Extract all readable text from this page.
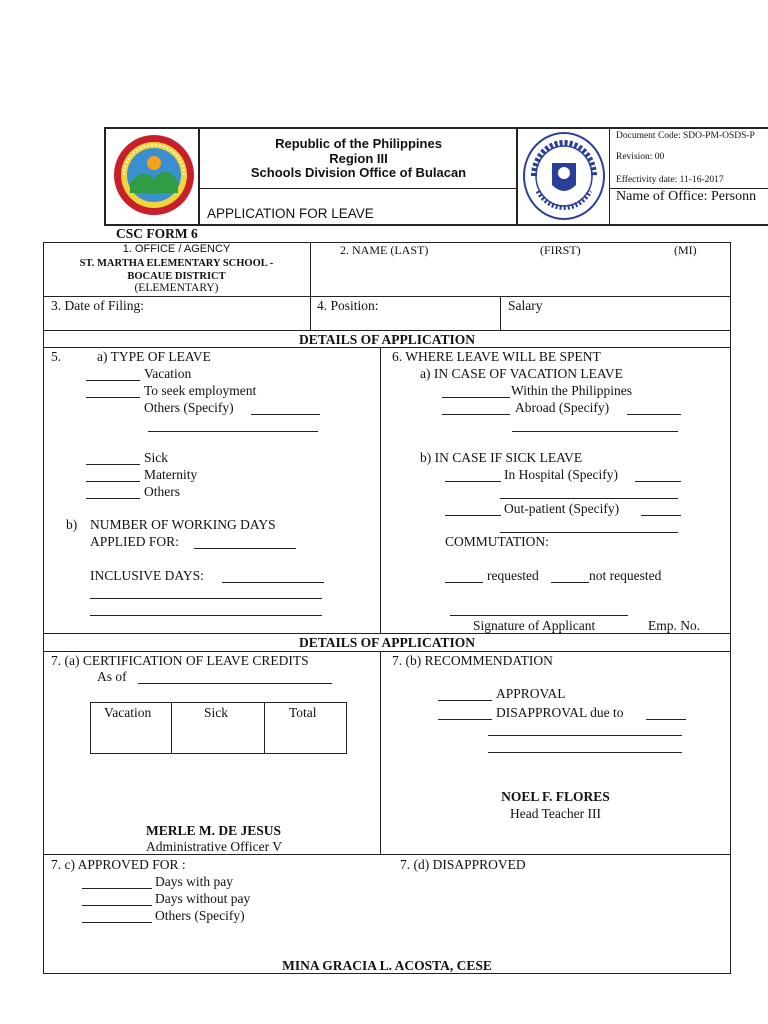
Republic of the Philippines
Region III
Schools Division Office of Bulacan
APPLICATION FOR LEAVE
Document Code: SDO-PM-OSDS-P
Revision: 00
Effectivity date: 11-16-2017
Name of Office: Personn
CSC FORM 6
1. OFFICE / AGENCY
ST. MARTHA ELEMENTARY SCHOOL -
BOCAUE DISTRICT
(ELEMENTARY)
2. NAME (LAST)	(FIRST)	(MI)
3. Date of Filing:	4. Position:	Salary
DETAILS OF APPLICATION
5.	a) TYPE OF LEAVE
Vacation
To seek employment
Others (Specify)
Sick
Maternity
Others
b) NUMBER OF WORKING DAYS
APPLIED FOR:
INCLUSIVE DAYS:
6. WHERE LEAVE WILL BE SPENT
a) IN CASE OF VACATION LEAVE
Within the Philippines
Abroad (Specify)
b) IN CASE IF SICK LEAVE
In Hospital (Specify)
Out-patient (Specify)
COMMUTATION:
requested	not requested
Signature of Applicant	Emp. No.
DETAILS OF APPLICATION
7. (a) CERTIFICATION OF LEAVE CREDITS
As of
Vacation	Sick	Total
MERLE M. DE JESUS
Administrative Officer V
7. (b) RECOMMENDATION
APPROVAL
DISAPPROVAL due to
NOEL F. FLORES
Head Teacher III
7. c) APPROVED FOR :
Days with pay
Days without pay
Others (Specify)
7. (d) DISAPPROVED
MINA GRACIA L. ACOSTA, CESE
